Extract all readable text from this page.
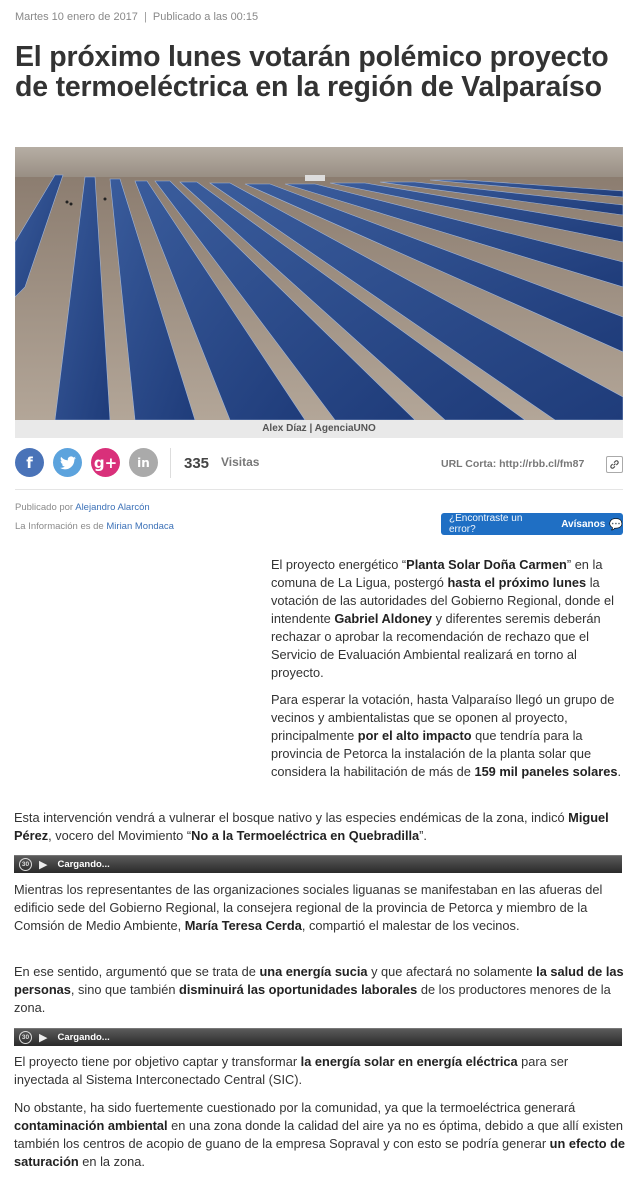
Martes 10 enero de 2017 | Publicado a las 00:15
El próximo lunes votarán polémico proyecto de termoeléctrica en la región de Valparaíso
Alex Díaz | AgenciaUNO
f	g+ in 335 Visitas	URL Corta: http://rbb.cl/fm87
Publicado por Alejandro Alarcón
La Información es de Mirian Mondaca
¿Encontraste un error?	Avísanos 💬

El proyecto energético “Planta Solar Doña Carmen” en la comuna de La Ligua, postergó hasta el próximo lunes la votación de las autoridades del Gobierno Regional, donde el intendente Gabriel Aldoney y diferentes seremis deberán rechazar o aprobar la recomendación de rechazo que el Servicio de Evaluación Ambiental realizará en torno al proyecto.

Para esperar la votación, hasta Valparaíso llegó un grupo de vecinos y ambientalistas que se oponen al proyecto, principalmente por el alto impacto que tendría para la provincia de Petorca la instalación de la planta solar que considera la habilitación de más de 159 mil paneles solares.

Esta intervención vendrá a vulnerar el bosque nativo y las especies endémicas de la zona, indicó Miguel Pérez, vocero del Movimiento “No a la Termoeléctrica en Quebradilla”.

30 ▶ Cargando...

Mientras los representantes de las organizaciones sociales liguanas se manifestaban en las afueras del edificio sede del Gobierno Regional, la consejera regional de la provincia de Petorca y miembro de la Comsión de Medio Ambiente, María Teresa Cerda, compartió el malestar de los vecinos.

En ese sentido, argumentó que se trata de una energía sucia y que afectará no solamente la salud de las personas, sino que también disminuirá las oportunidades laborales de los productores menores de la zona.

30 ▶ Cargando...

El proyecto tiene por objetivo captar y transformar la energía solar en energía eléctrica para ser inyectada al Sistema Interconectado Central (SIC).

No obstante, ha sido fuertemente cuestionado por la comunidad, ya que la termoeléctrica generará contaminación ambiental en una zona donde la calidad del aire ya no es óptima, debido a que allí existen también los centros de acopio de guano de la empresa Sopraval y con esto se podría generar un efecto de saturación en la zona.
